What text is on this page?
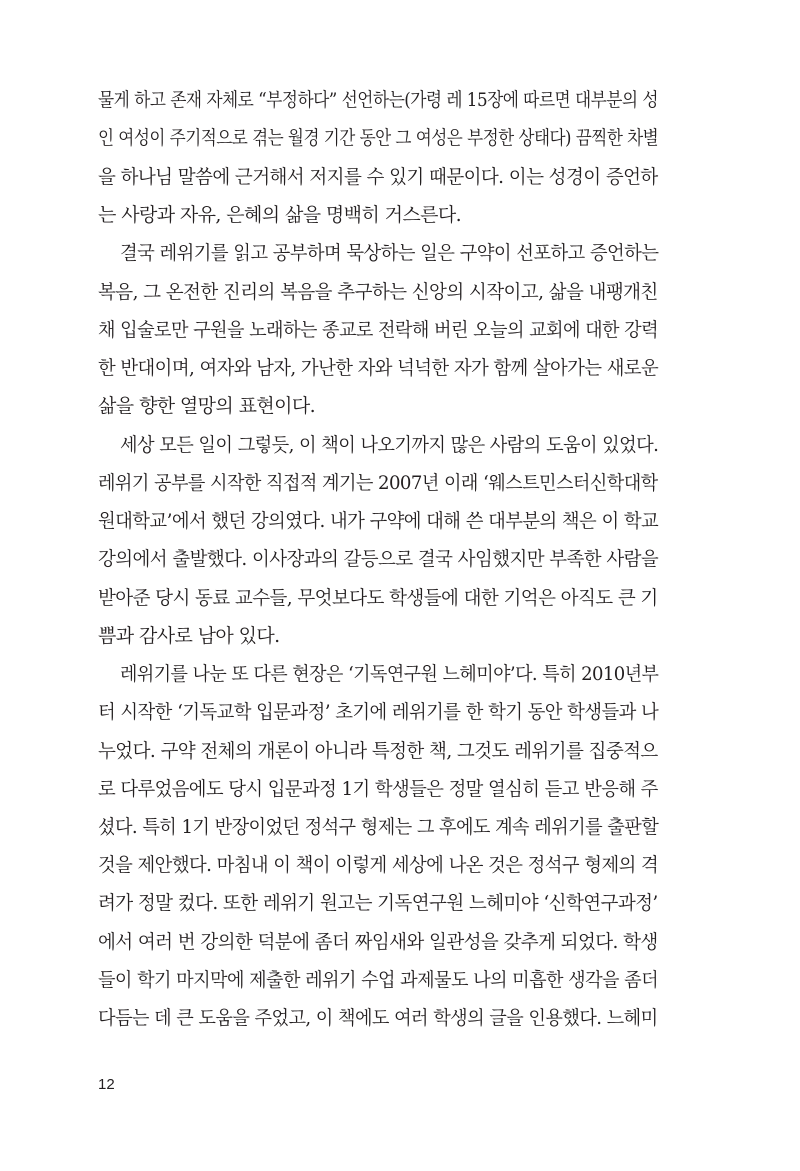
물게 하고 존재 자체로 “부정하다” 선언하는(가령 레 15장에 따르면 대부분의 성
인 여성이 주기적으로 겪는 월경 기간 동안 그 여성은 부정한 상태다) 끔찍한 차별
을 하나님 말씀에 근거해서 저지를 수 있기 때문이다. 이는 성경이 증언하
는 사랑과 자유, 은혜의 삶을 명백히 거스른다.
결국 레위기를 읽고 공부하며 묵상하는 일은 구약이 선포하고 증언하는
복음, 그 온전한 진리의 복음을 추구하는 신앙의 시작이고, 삶을 내팽개친
채 입술로만 구원을 노래하는 종교로 전락해 버린 오늘의 교회에 대한 강력
한 반대이며, 여자와 남자, 가난한 자와 넉넉한 자가 함께 살아가는 새로운
삶을 향한 열망의 표현이다.
세상 모든 일이 그렇듯, 이 책이 나오기까지 많은 사람의 도움이 있었다.
레위기 공부를 시작한 직접적 계기는 2007년 이래 ‘웨스트민스터신학대학
원대학교’에서 했던 강의였다. 내가 구약에 대해 쓴 대부분의 책은 이 학교
강의에서 출발했다. 이사장과의 갈등으로 결국 사임했지만 부족한 사람을
받아준 당시 동료 교수들, 무엇보다도 학생들에 대한 기억은 아직도 큰 기
쁨과 감사로 남아 있다.
레위기를 나눈 또 다른 현장은 ‘기독연구원 느헤미야’다. 특히 2010년부
터 시작한 ‘기독교학 입문과정’ 초기에 레위기를 한 학기 동안 학생들과 나
누었다. 구약 전체의 개론이 아니라 특정한 책, 그것도 레위기를 집중적으
로 다루었음에도 당시 입문과정 1기 학생들은 정말 열심히 듣고 반응해 주
셨다. 특히 1기 반장이었던 정석구 형제는 그 후에도 계속 레위기를 출판할
것을 제안했다. 마침내 이 책이 이렇게 세상에 나온 것은 정석구 형제의 격
려가 정말 컸다. 또한 레위기 원고는 기독연구원 느헤미야 ‘신학연구과정’
에서 여러 번 강의한 덕분에 좀더 짜임새와 일관성을 갖추게 되었다. 학생
들이 학기 마지막에 제출한 레위기 수업 과제물도 나의 미흡한 생각을 좀더
다듬는 데 큰 도움을 주었고, 이 책에도 여러 학생의 글을 인용했다. 느헤미
12
